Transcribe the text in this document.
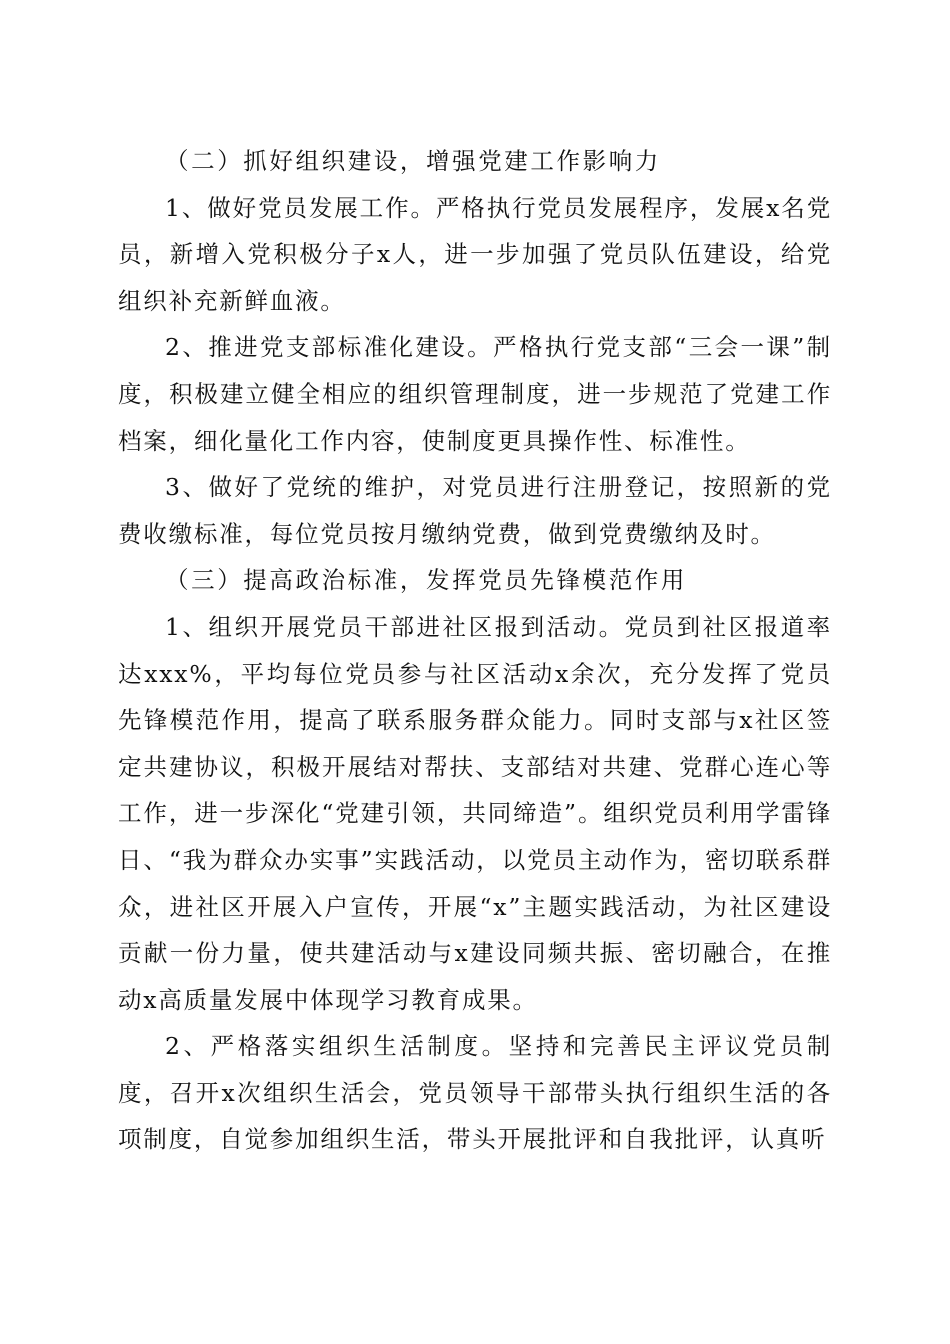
（二）抓好组织建设，增强党建工作影响力

1、做好党员发展工作。严格执行党员发展程序，发展x名党员，新增入党积极分子x人，进一步加强了党员队伍建设，给党组织补充新鲜血液。

2、推进党支部标准化建设。严格执行党支部“三会一课”制度，积极建立健全相应的组织管理制度，进一步规范了党建工作档案，细化量化工作内容，使制度更具操作性、标准性。

3、做好了党统的维护，对党员进行注册登记，按照新的党费收缴标准，每位党员按月缴纳党费，做到党费缴纳及时。

（三）提高政治标准，发挥党员先锋模范作用

1、组织开展党员干部进社区报到活动。党员到社区报道率达xxx%，平均每位党员参与社区活动x余次，充分发挥了党员先锋模范作用，提高了联系服务群众能力。同时支部与x社区签定共建协议，积极开展结对帮扶、支部结对共建、党群心连心等工作，进一步深化“党建引领，共同缔造”。组织党员利用学雷锋日、“我为群众办实事”实践活动，以党员主动作为，密切联系群众，进社区开展入户宣传，开展“x”主题实践活动，为社区建设贡献一份力量，使共建活动与x建设同频共振、密切融合，在推动x高质量发展中体现学习教育成果。

2、严格落实组织生活制度。坚持和完善民主评议党员制度，召开x次组织生活会，党员领导干部带头执行组织生活的各项制度，自觉参加组织生活，带头开展批评和自我批评，认真听
